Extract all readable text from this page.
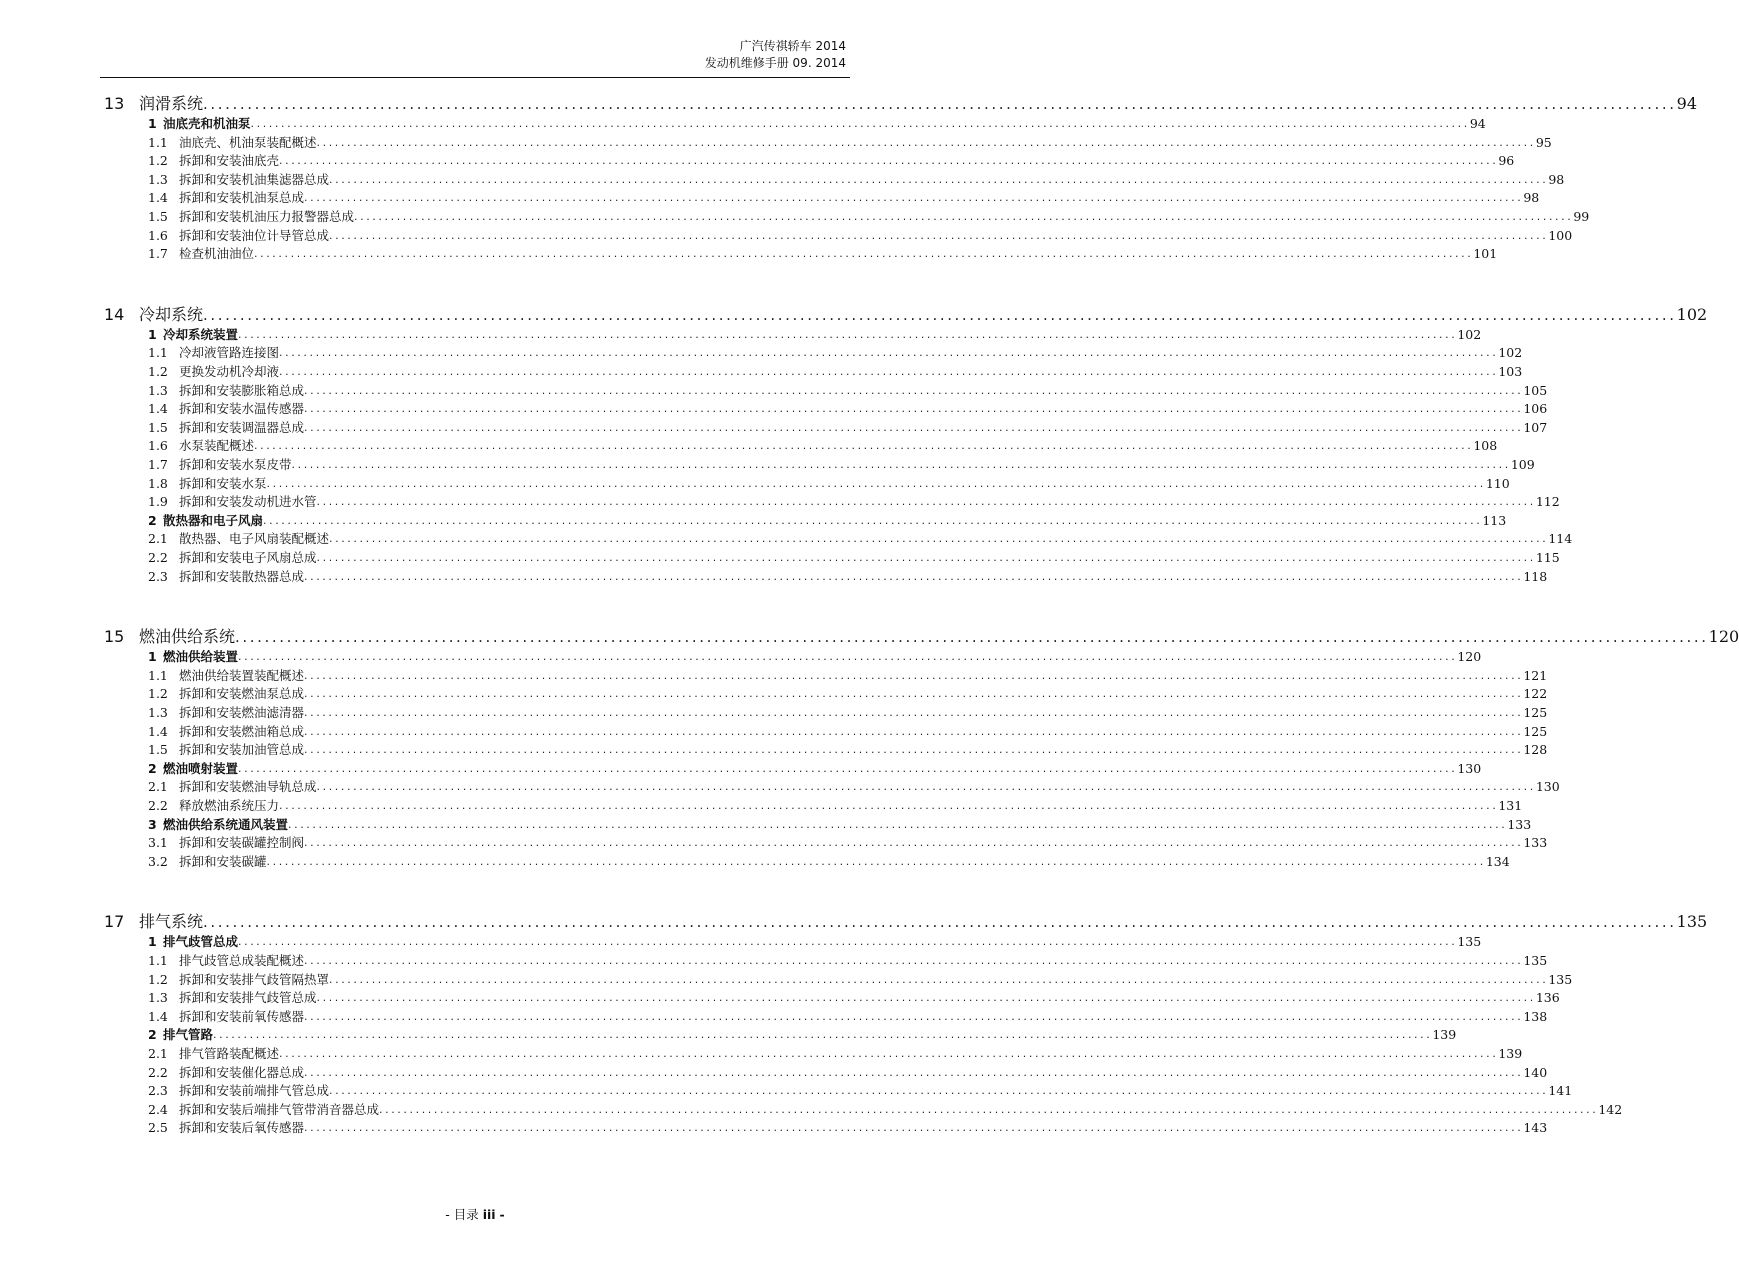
广汽传祺轿车 2014
发动机维修手册 09. 2014
13 润滑系统 ........................................................................................................................................................................................................ 94
1 油底壳和机油泵 ........................................................................................................................................................................................................ 94
1.1 油底壳、机油泵装配概述 ........................................................................................................................................................................................................ 95
1.2 拆卸和安装油底壳 ........................................................................................................................................................................................................ 96
1.3 拆卸和安装机油集滤器总成 ........................................................................................................................................................................................................ 98
1.4 拆卸和安装机油泵总成 ........................................................................................................................................................................................................ 98
1.5 拆卸和安装机油压力报警器总成 ........................................................................................................................................................................................................ 99
1.6 拆卸和安装油位计导管总成 ........................................................................................................................................................................................................ 100
1.7 检查机油油位 ........................................................................................................................................................................................................ 101
14 冷却系统 ........................................................................................................................................................................................................ 102
1 冷却系统装置 ........................................................................................................................................................................................................ 102
1.1 冷却液管路连接图 ........................................................................................................................................................................................................ 102
1.2 更换发动机冷却液 ........................................................................................................................................................................................................ 103
1.3 拆卸和安装膨胀箱总成 ........................................................................................................................................................................................................ 105
1.4 拆卸和安装水温传感器 ........................................................................................................................................................................................................ 106
1.5 拆卸和安装调温器总成 ........................................................................................................................................................................................................ 107
1.6 水泵装配概述 ........................................................................................................................................................................................................ 108
1.7 拆卸和安装水泵皮带 ........................................................................................................................................................................................................ 109
1.8 拆卸和安装水泵 ........................................................................................................................................................................................................ 110
1.9 拆卸和安装发动机进水管 ........................................................................................................................................................................................................ 112
2 散热器和电子风扇 ........................................................................................................................................................................................................ 113
2.1 散热器、电子风扇装配概述 ........................................................................................................................................................................................................ 114
2.2 拆卸和安装电子风扇总成 ........................................................................................................................................................................................................ 115
2.3 拆卸和安装散热器总成 ........................................................................................................................................................................................................ 118
15 燃油供给系统 ........................................................................................................................................................................................................ 120
1 燃油供给装置 ........................................................................................................................................................................................................ 120
1.1 燃油供给装置装配概述 ........................................................................................................................................................................................................ 121
1.2 拆卸和安装燃油泵总成 ........................................................................................................................................................................................................ 122
1.3 拆卸和安装燃油滤清器 ........................................................................................................................................................................................................ 125
1.4 拆卸和安装燃油箱总成 ........................................................................................................................................................................................................ 125
1.5 拆卸和安装加油管总成 ........................................................................................................................................................................................................ 128
2 燃油喷射装置 ........................................................................................................................................................................................................ 130
2.1 拆卸和安装燃油导轨总成 ........................................................................................................................................................................................................ 130
2.2 释放燃油系统压力 ........................................................................................................................................................................................................ 131
3 燃油供给系统通风装置 ........................................................................................................................................................................................................ 133
3.1 拆卸和安装碳罐控制阀 ........................................................................................................................................................................................................ 133
3.2 拆卸和安装碳罐 ........................................................................................................................................................................................................ 134
17 排气系统 ........................................................................................................................................................................................................ 135
1 排气歧管总成 ........................................................................................................................................................................................................ 135
1.1 排气歧管总成装配概述 ........................................................................................................................................................................................................ 135
1.2 拆卸和安装排气歧管隔热罩 ........................................................................................................................................................................................................ 135
1.3 拆卸和安装排气歧管总成 ........................................................................................................................................................................................................ 136
1.4 拆卸和安装前氧传感器 ........................................................................................................................................................................................................ 138
2 排气管路 ........................................................................................................................................................................................................ 139
2.1 排气管路装配概述 ........................................................................................................................................................................................................ 139
2.2 拆卸和安装催化器总成 ........................................................................................................................................................................................................ 140
2.3 拆卸和安装前端排气管总成 ........................................................................................................................................................................................................ 141
2.4 拆卸和安装后端排气管带消音器总成 ........................................................................................................................................................................................................ 142
2.5 拆卸和安装后氧传感器 ........................................................................................................................................................................................................ 143
- 目录 iii -
